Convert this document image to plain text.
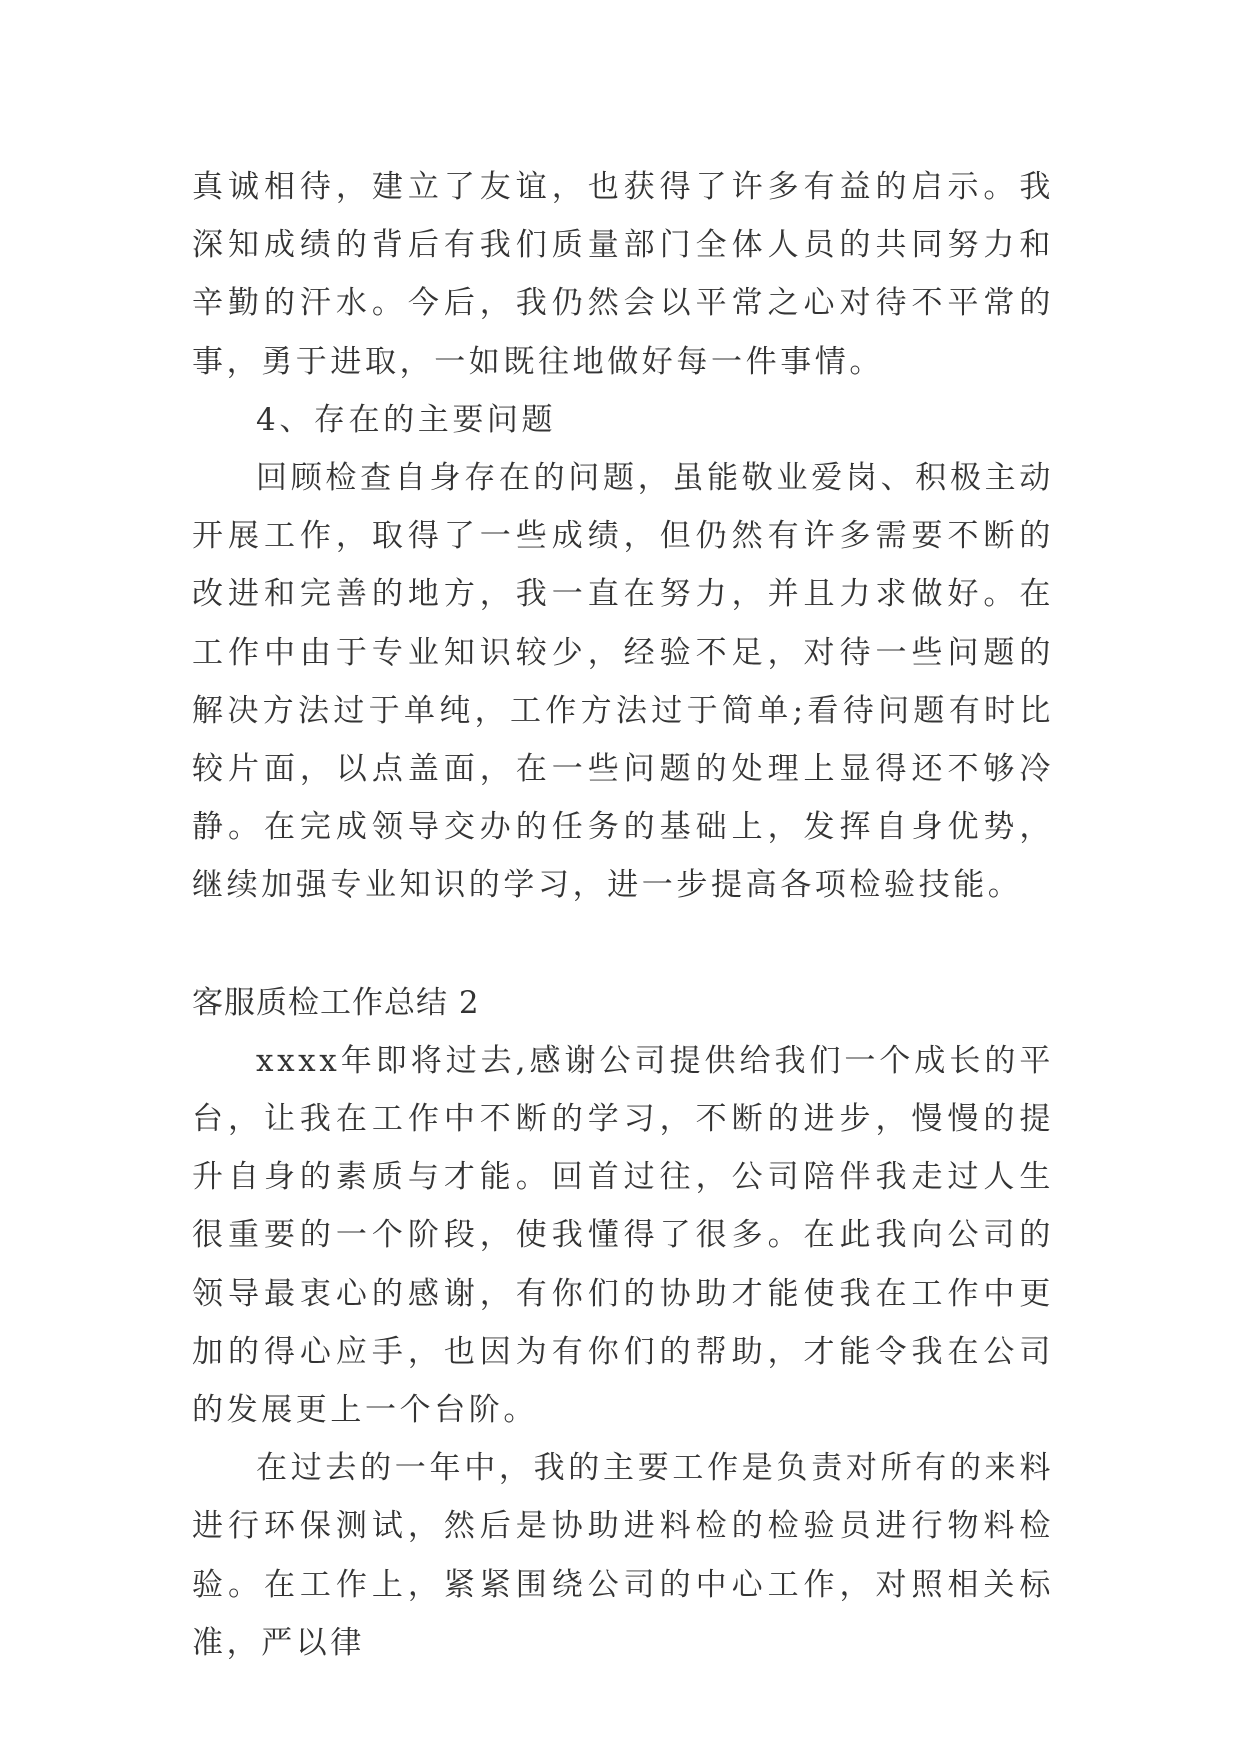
真诚相待，建立了友谊，也获得了许多有益的启示。我深知成绩的背后有我们质量部门全体人员的共同努力和辛勤的汗水。今后，我仍然会以平常之心对待不平常的事，勇于进取，一如既往地做好每一件事情。

4、存在的主要问题

回顾检查自身存在的问题，虽能敬业爱岗、积极主动开展工作，取得了一些成绩，但仍然有许多需要不断的改进和完善的地方，我一直在努力，并且力求做好。在工作中由于专业知识较少，经验不足，对待一些问题的解决方法过于单纯，工作方法过于简单;看待问题有时比较片面，以点盖面，在一些问题的处理上显得还不够冷静。在完成领导交办的任务的基础上，发挥自身优势，继续加强专业知识的学习，进一步提高各项检验技能。

客服质检工作总结 2

xxxx年即将过去,感谢公司提供给我们一个成长的平台，让我在工作中不断的学习，不断的进步，慢慢的提升自身的素质与才能。回首过往，公司陪伴我走过人生很重要的一个阶段，使我懂得了很多。在此我向公司的领导最衷心的感谢，有你们的协助才能使我在工作中更加的得心应手，也因为有你们的帮助，才能令我在公司的发展更上一个台阶。

在过去的一年中，我的主要工作是负责对所有的来料进行环保测试，然后是协助进料检的检验员进行物料检验。在工作上，紧紧围绕公司的中心工作，对照相关标准，严以律
